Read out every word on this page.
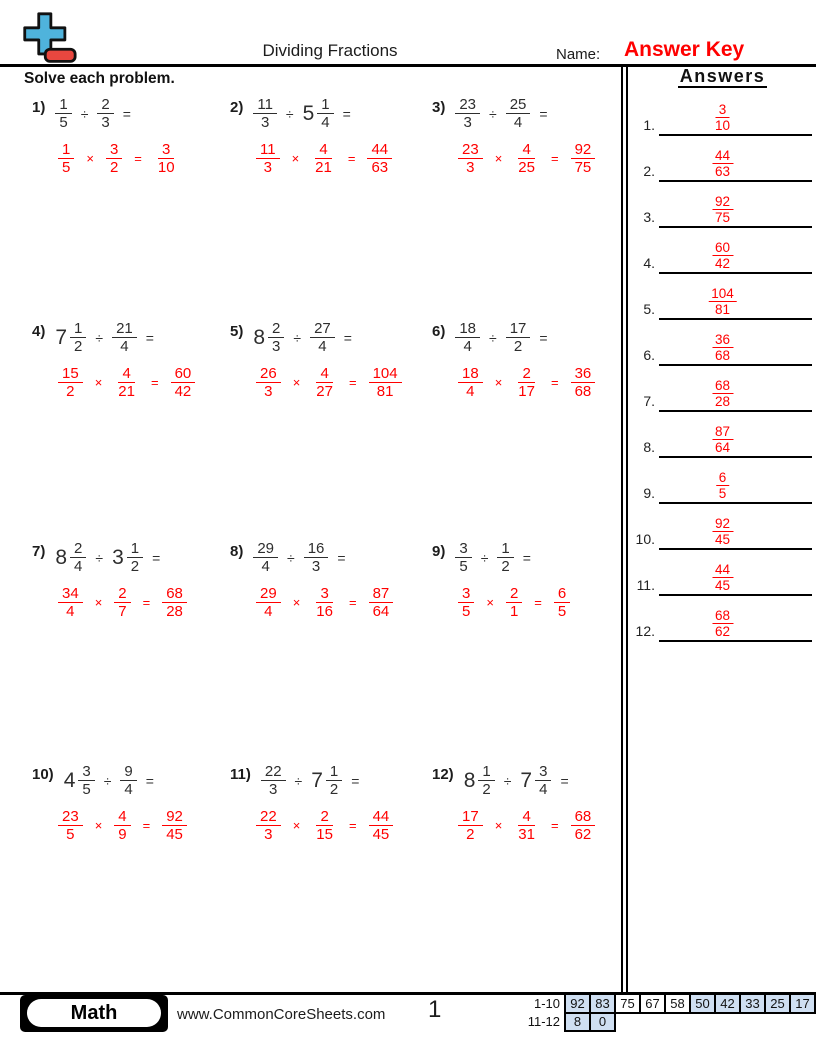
Dividing Fractions	Name: Answer Key
Solve each problem.
$1) \frac{1}{5} \div \frac{2}{3}$ =
$\frac{1}{5} \times \frac{3}{2} = \frac{3}{10}$
$2) \frac{11}{3} \div 5 \frac{1}{4}$ =
$\frac{11}{3} \times \frac{4}{21} = \frac{44}{63}$
$3) \frac{23}{3} \div \frac{25}{4}$ =
$\frac{23}{3} \times \frac{4}{25} = \frac{92}{75}$
4) $7 \frac{1}{2} \div \frac{21}{4}$ =
$\frac{15}{2} \times \frac{4}{21} = \frac{60}{42}$
5) $8 \frac{2}{3} \div \frac{27}{4}$ =
$\frac{26}{3} \times \frac{4}{27} = \frac{104}{81}$
$6) \frac{18}{4} \div \frac{17}{2}$ =
$\frac{18}{4} \times \frac{2}{17} = \frac{36}{68}$
7) $8 \frac{2}{4} \div 3 \frac{1}{2}$ =
$\frac{34}{4} \times \frac{2}{7} = \frac{68}{28}$
$8) \frac{29}{4} \div \frac{16}{3}$ =
$\frac{29}{4} \times \frac{3}{16} = \frac{87}{64}$
$9) \frac{3}{5} \div \frac{1}{2}$ =
$\frac{3}{5} \times \frac{2}{1} = \frac{6}{5}$
10) $4 \frac{3}{5} \div \frac{9}{4}$ =
$\frac{23}{5} \times \frac{4}{9} = \frac{92}{45}$
$11) \frac{22}{3} \div 7 \frac{1}{2}$ =
$\frac{22}{3} \times \frac{2}{15} = \frac{44}{45}$
12) $8 \frac{1}{2} \div 7 \frac{3}{4}$ =
$\frac{17}{2} \times \frac{4}{31} = \frac{68}{62}$
Answers
1.	$\frac{3}{10}$
2.	$\frac{44}{63}$
3.	$\frac{92}{75}$
4.	$\frac{60}{42}$
5.	$\frac{104}{81}$
6.	$\frac{36}{68}$
7.	$\frac{68}{28}$
8.	$\frac{87}{64}$
9.	$\frac{6}{5}$
10.	$\frac{92}{45}$
11.	$\frac{44}{45}$
12.	$\frac{68}{62}$
Math	www.CommonCoreSheets.com 1	1-10	92	83	75	67	58	50	42	33	25	17
11-12	8	0								
